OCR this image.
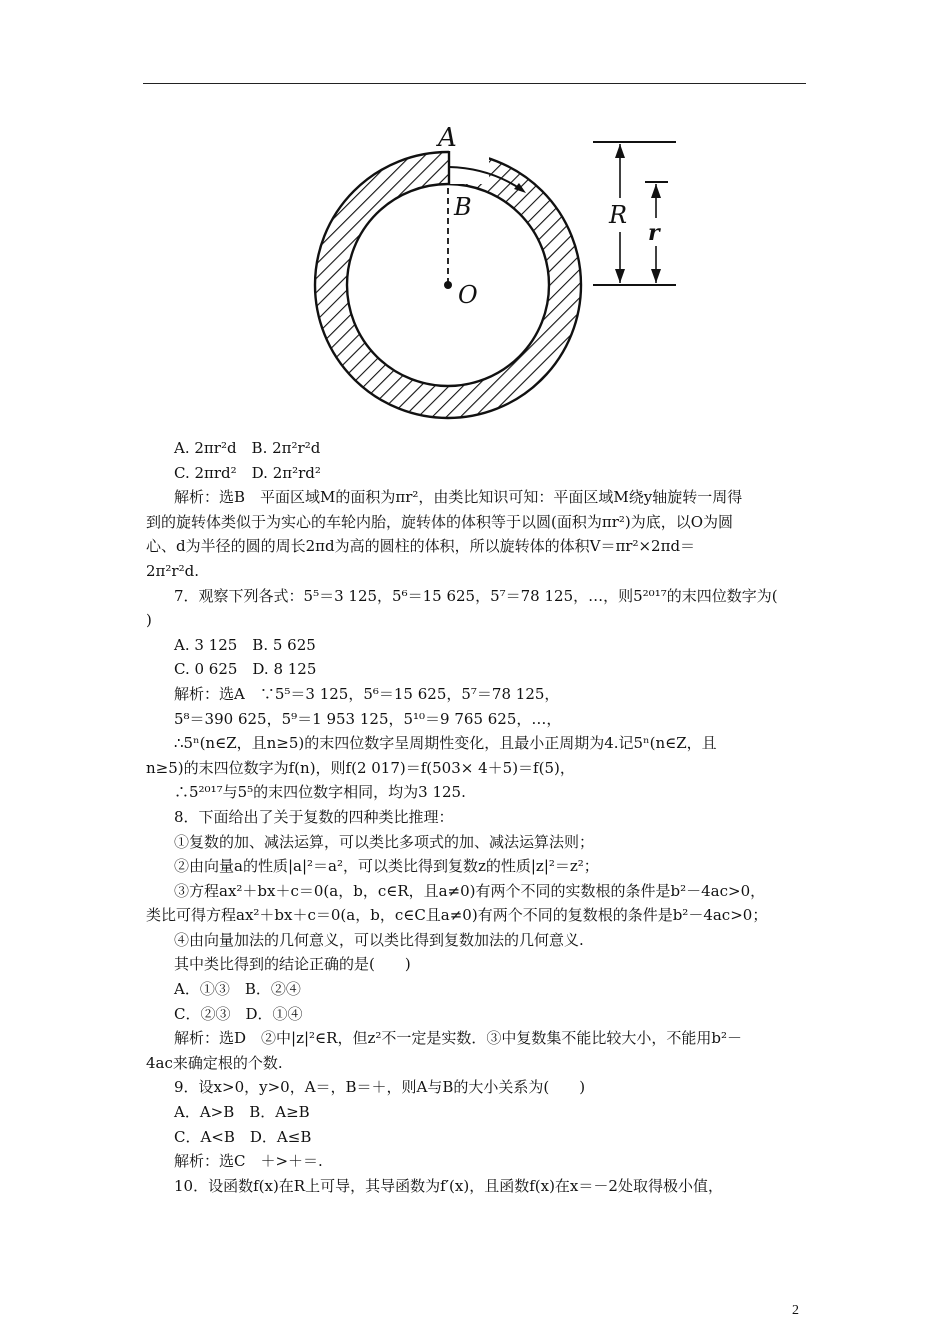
A
B
O
R
r
A. 2πr²d　B. 2π²r²d
C. 2πrd²　D. 2π²rd²
解析：选B　平面区域M的面积为πr²，由类比知识可知：平面区域M绕y轴旋转一周得
到的旋转体类似于为实心的车轮内胎，旋转体的体积等于以圆(面积为πr²)为底，以O为圆
心、d为半径的圆的周长2πd为高的圆柱的体积，所以旋转体的体积V＝πr²×2πd＝
2π²r²d.
7．观察下列各式：5⁵＝3 125，5⁶＝15 625，5⁷＝78 125，…，则5²⁰¹⁷的末四位数字为(
)
A. 3 125　B. 5 625
C. 0 625　D. 8 125
解析：选A　∵5⁵＝3 125，5⁶＝15 625，5⁷＝78 125，
5⁸＝390 625，5⁹＝1 953 125，5¹⁰＝9 765 625，…，
∴5ⁿ(n∈Z，且n≥5)的末四位数字呈周期性变化，且最小正周期为4.记5ⁿ(n∈Z，且
n≥5)的末四位数字为f(n)，则f(2 017)＝f(503× 4＋5)＝f(5)，
∴5²⁰¹⁷与5⁵的末四位数字相同，均为3 125.
8．下面给出了关于复数的四种类比推理：
①复数的加、减法运算，可以类比多项式的加、减法运算法则；
②由向量a的性质|a|²＝a²，可以类比得到复数z的性质|z|²＝z²；
③方程ax²＋bx＋c＝0(a，b，c∈R，且a≠0)有两个不同的实数根的条件是b²－4ac>0，
类比可得方程ax²＋bx＋c＝0(a，b，c∈C且a≠0)有两个不同的复数根的条件是b²－4ac>0；
④由向量加法的几何意义，可以类比得到复数加法的几何意义.
其中类比得到的结论正确的是(　　)
A．①③　B．②④
C．②③　D．①④
解析：选D　②中|z|²∈R，但z²不一定是实数．③中复数集不能比较大小，不能用b²－
4ac来确定根的个数.
9．设x>0，y>0，A＝，B＝＋，则A与B的大小关系为(　　)
A．A>B　B．A≥B
C．A<B　D．A≤B
解析：选C　＋>＋＝.
10．设函数f(x)在R上可导，其导函数为f′(x)，且函数f(x)在x＝－2处取得极小值，
2
